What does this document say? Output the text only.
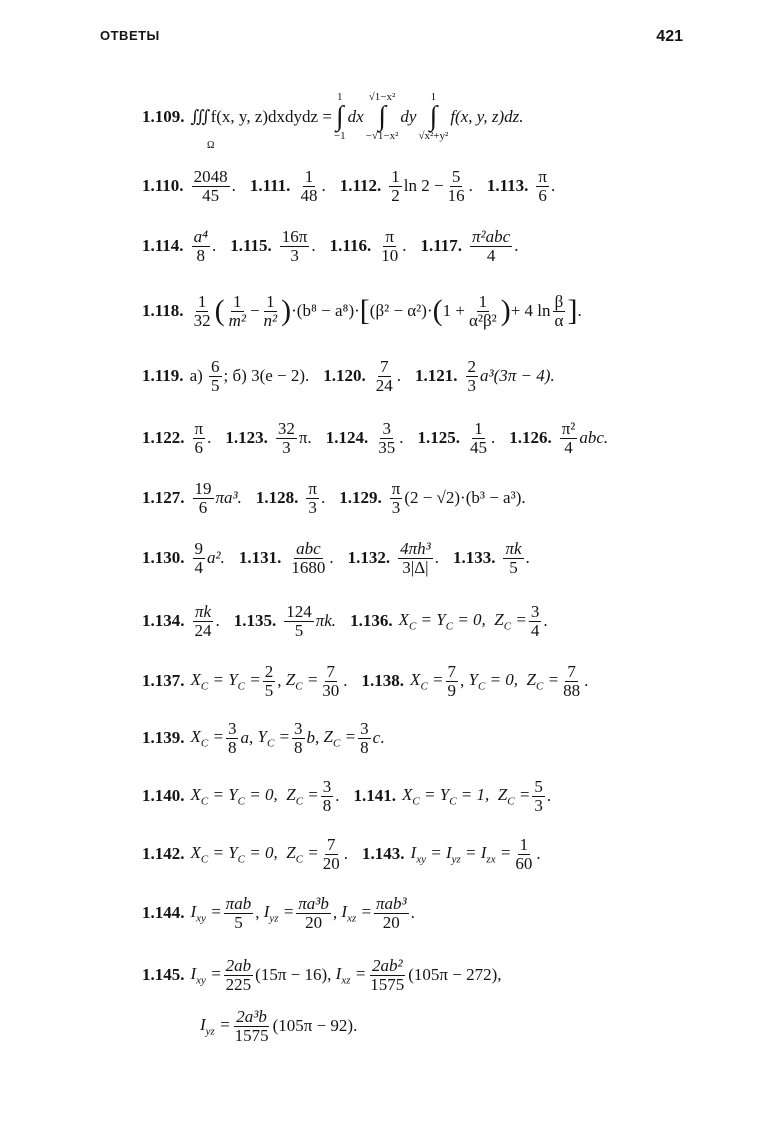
ОТВЕТЫ	421
1.109. ∭f(x, y, z)dxdydz =
1
∫
−1
dx
√1−x²
∫
−√1−x²
dy
1
∫
√x²+y²
f(x, y, z)dz.
Ω
1.110. $\frac{2048}{45}$ . 1.111. $\frac{1}{48}$ . 1.112. $\frac{1}{2}$ $\ln 2 - \frac{5}{16}$ . 1.113. $\frac{\pi}{6}$ .
1.114. $\frac{\text{a⁴}}{8}$ . 1.115. $\frac{16\pi}{3}$ . 1.116. $\frac{\pi}{10}$ . 1.117. $\frac{\text{π²abc}}{4}$ .
1.118. $\frac{1}{32}$ ( $\frac{1}{\text{m²}} - \frac{1}{\text{n²}}$ ) ·(b⁸ − a⁸)· [ (β² − α²)· ( $1 + \frac{1}{\text{α²β²}}$ ) + 4 $\ln \frac{\beta}{\alpha}$ ] .
1.119. а)
$\frac{6}{5}$ ; б) 3(e − 2). 1.120. $\frac{7}{24}$ . 1.121. $\frac{2}{3} a^3(3\pi - 4)$.
1.122. $\frac{\pi}{6}$ . 1.123. $\frac{32}{3} \pi$. 1.124. $\frac{3}{35}$ . 1.125. $\frac{1}{45}$ . 1.126. $\frac{\text{π²}}{4}$ abc.
1.127. $\frac{19}{6} \pi a^3$. 1.128. $\frac{\pi}{3}$ . 1.129. $\frac{\pi}{3} (2 - √2)\cdot(b^3 - a^3)$.
1.130. $\frac{9}{4} a^2$. 1.131. $\frac{\text{abc}}{1680}$ . 1.132. $\frac{\text{4πh³}}{3|\Delta|}$ . 1.133. $\frac{\pi k}{5}$ .
1.134. $\frac{\pi k}{24}$ . 1.135. $\frac{124}{5} \pi k$. 1.136. $X_C = Y_C = 0$,  $Z_C = \frac{3}{4}$ .
1.137. $X_C = Y_C = \frac{2}{5}$ , $Z_C = \frac{7}{30}$ . 1.138. $X_C = \frac{7}{9}$ , $Y_C = 0$,  $Z_C = \frac{7}{88}$ .
1.139. $X_C = \frac{3}{8}$ a , $Y_C = \frac{3}{8}$ b , $Z_C = \frac{3}{8}$ c .
1.140. $X_C = Y_C = 0$,  $Z_C = \frac{3}{8}$ . 1.141. $X_C = Y_C = 1$,  $Z_C = \frac{5}{3}$ .
1.142. $X_C = Y_C = 0$,  $Z_C = \frac{7}{20}$ . 1.143. $I_{xy} = I_{yz} = I_{zx} = \frac{1}{60}$ .
1.144. $I_{xy} = \frac{\text{πab}}{5}$ , $I_{yz} = \frac{\text{πa³b}}{20}$ , $I_{xz} = \frac{\text{πab³}}{20}$ .
1.145. $I_{xy} = \frac{2ab}{225} (15\pi - 16)$,
$I_{xz} = \frac{\text{2ab²}}{1575} (105\pi - 272)$,
$I_{yz} = \frac{\text{2a³b}}{1575} (105\pi - 92)$.
